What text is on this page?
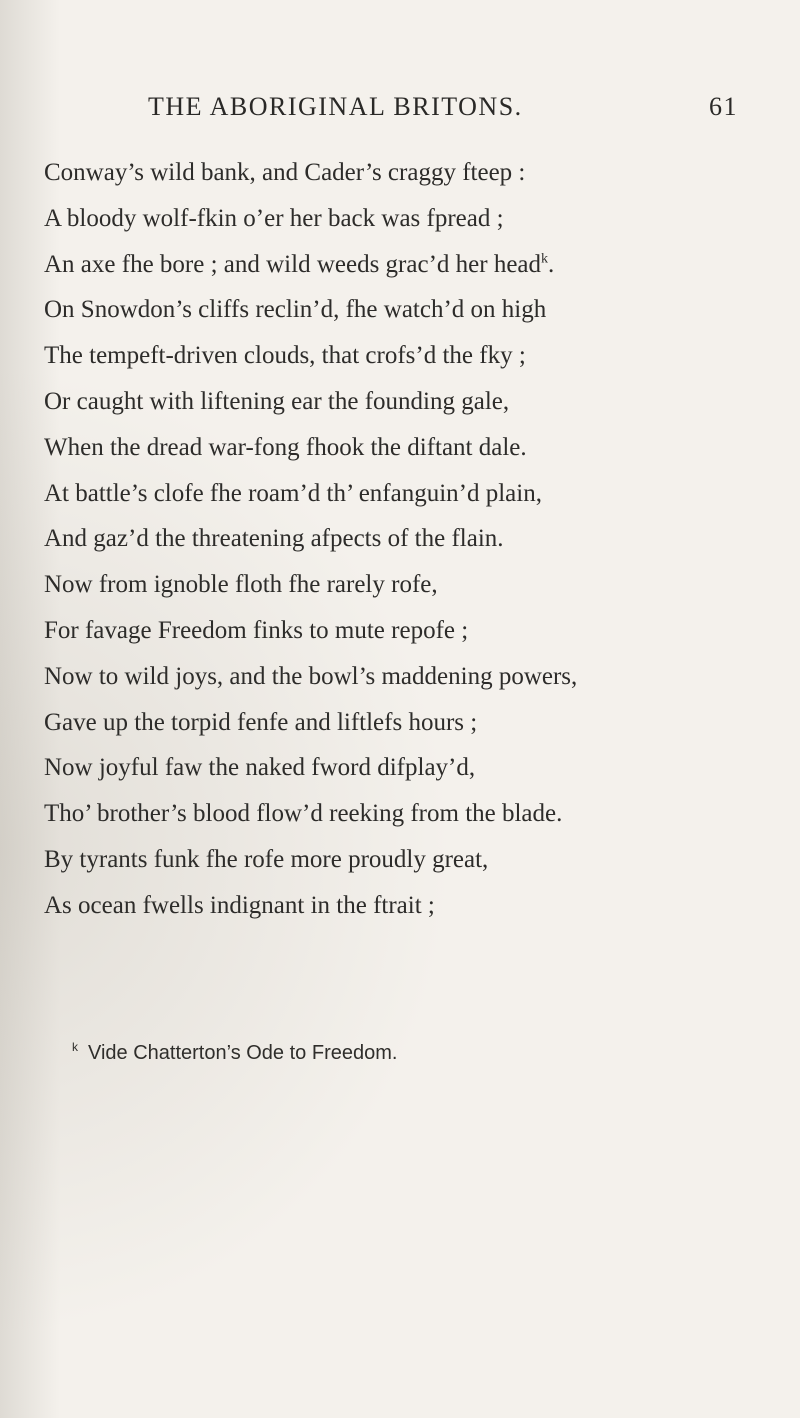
THE ABORIGINAL BRITONS.	61
Conway’s wild bank, and Cader’s craggy fteep :
A bloody wolf-fkin o’er her back was fpread ;
An axe fhe bore ; and wild weeds grac’d her head$^k$.
On Snowdon’s cliffs reclin’d, fhe watch’d on high
The tempeft-driven clouds, that crofs’d the fky ;
Or caught with liftening ear the founding gale,
When the dread war-fong fhook the diftant dale.
At battle’s clofe fhe roam’d th’ enfanguin’d plain,
And gaz’d the threatening afpects of the flain.
Now from ignoble floth fhe rarely rofe,
For favage Freedom finks to mute repofe ;
Now to wild joys, and the bowl’s maddening powers,
Gave up the torpid fenfe and liftlefs hours ;
Now joyful faw the naked fword difplay’d,
Tho’ brother’s blood flow’d reeking from the blade.
By tyrants funk fhe rofe more proudly great,
As ocean fwells indignant in the ftrait ;
$^k$ Vide Chatterton’s Ode to Freedom.
